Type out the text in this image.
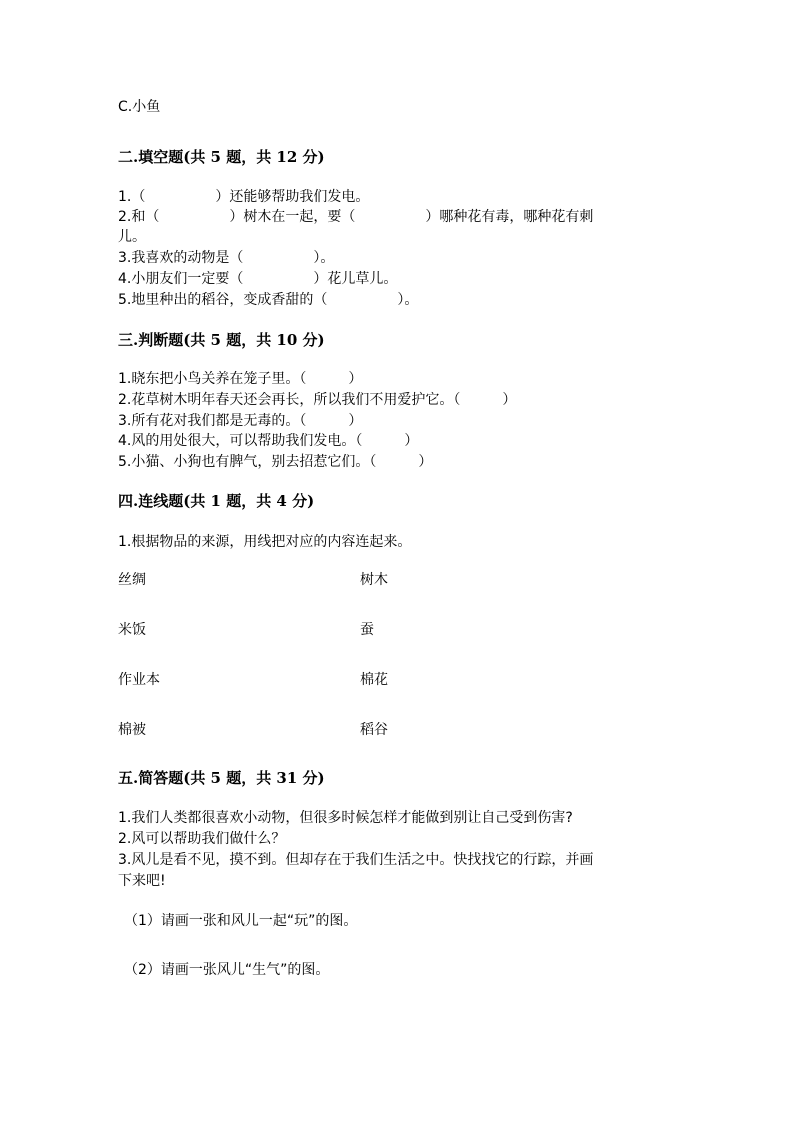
C.小鱼
二.填空题(共 5 题，共 12 分)
1.（　　　　　）还能够帮助我们发电。
2.和（　　　　　）树木在一起，要（　　　　　）哪种花有毒，哪种花有刺
儿。
3.我喜欢的动物是（　　　　　）。
4.小朋友们一定要（　　　　　）花儿草儿。
5.地里种出的稻谷，变成香甜的（　　　　　）。
三.判断题(共 5 题，共 10 分)
1.晓东把小鸟关养在笼子里。（　　　）
2.花草树木明年春天还会再长，所以我们不用爱护它。（　　　）
3.所有花对我们都是无毒的。（　　　）
4.风的用处很大，可以帮助我们发电。（　　　）
5.小猫、小狗也有脾气，别去招惹它们。（　　　）
四.连线题(共 1 题，共 4 分)
1.根据物品的来源，用线把对应的内容连起来。
丝绸	树木
米饭	蚕
作业本	棉花
棉被	稻谷
五.简答题(共 5 题，共 31 分)
1.我们人类都很喜欢小动物，但很多时候怎样才能做到别让自己受到伤害?
2.风可以帮助我们做什么？
3.风儿是看不见，摸不到。但却存在于我们生活之中。快找找它的行踪，并画
下来吧!
（1）请画一张和风儿一起“玩”的图。
（2）请画一张风儿“生气”的图。
